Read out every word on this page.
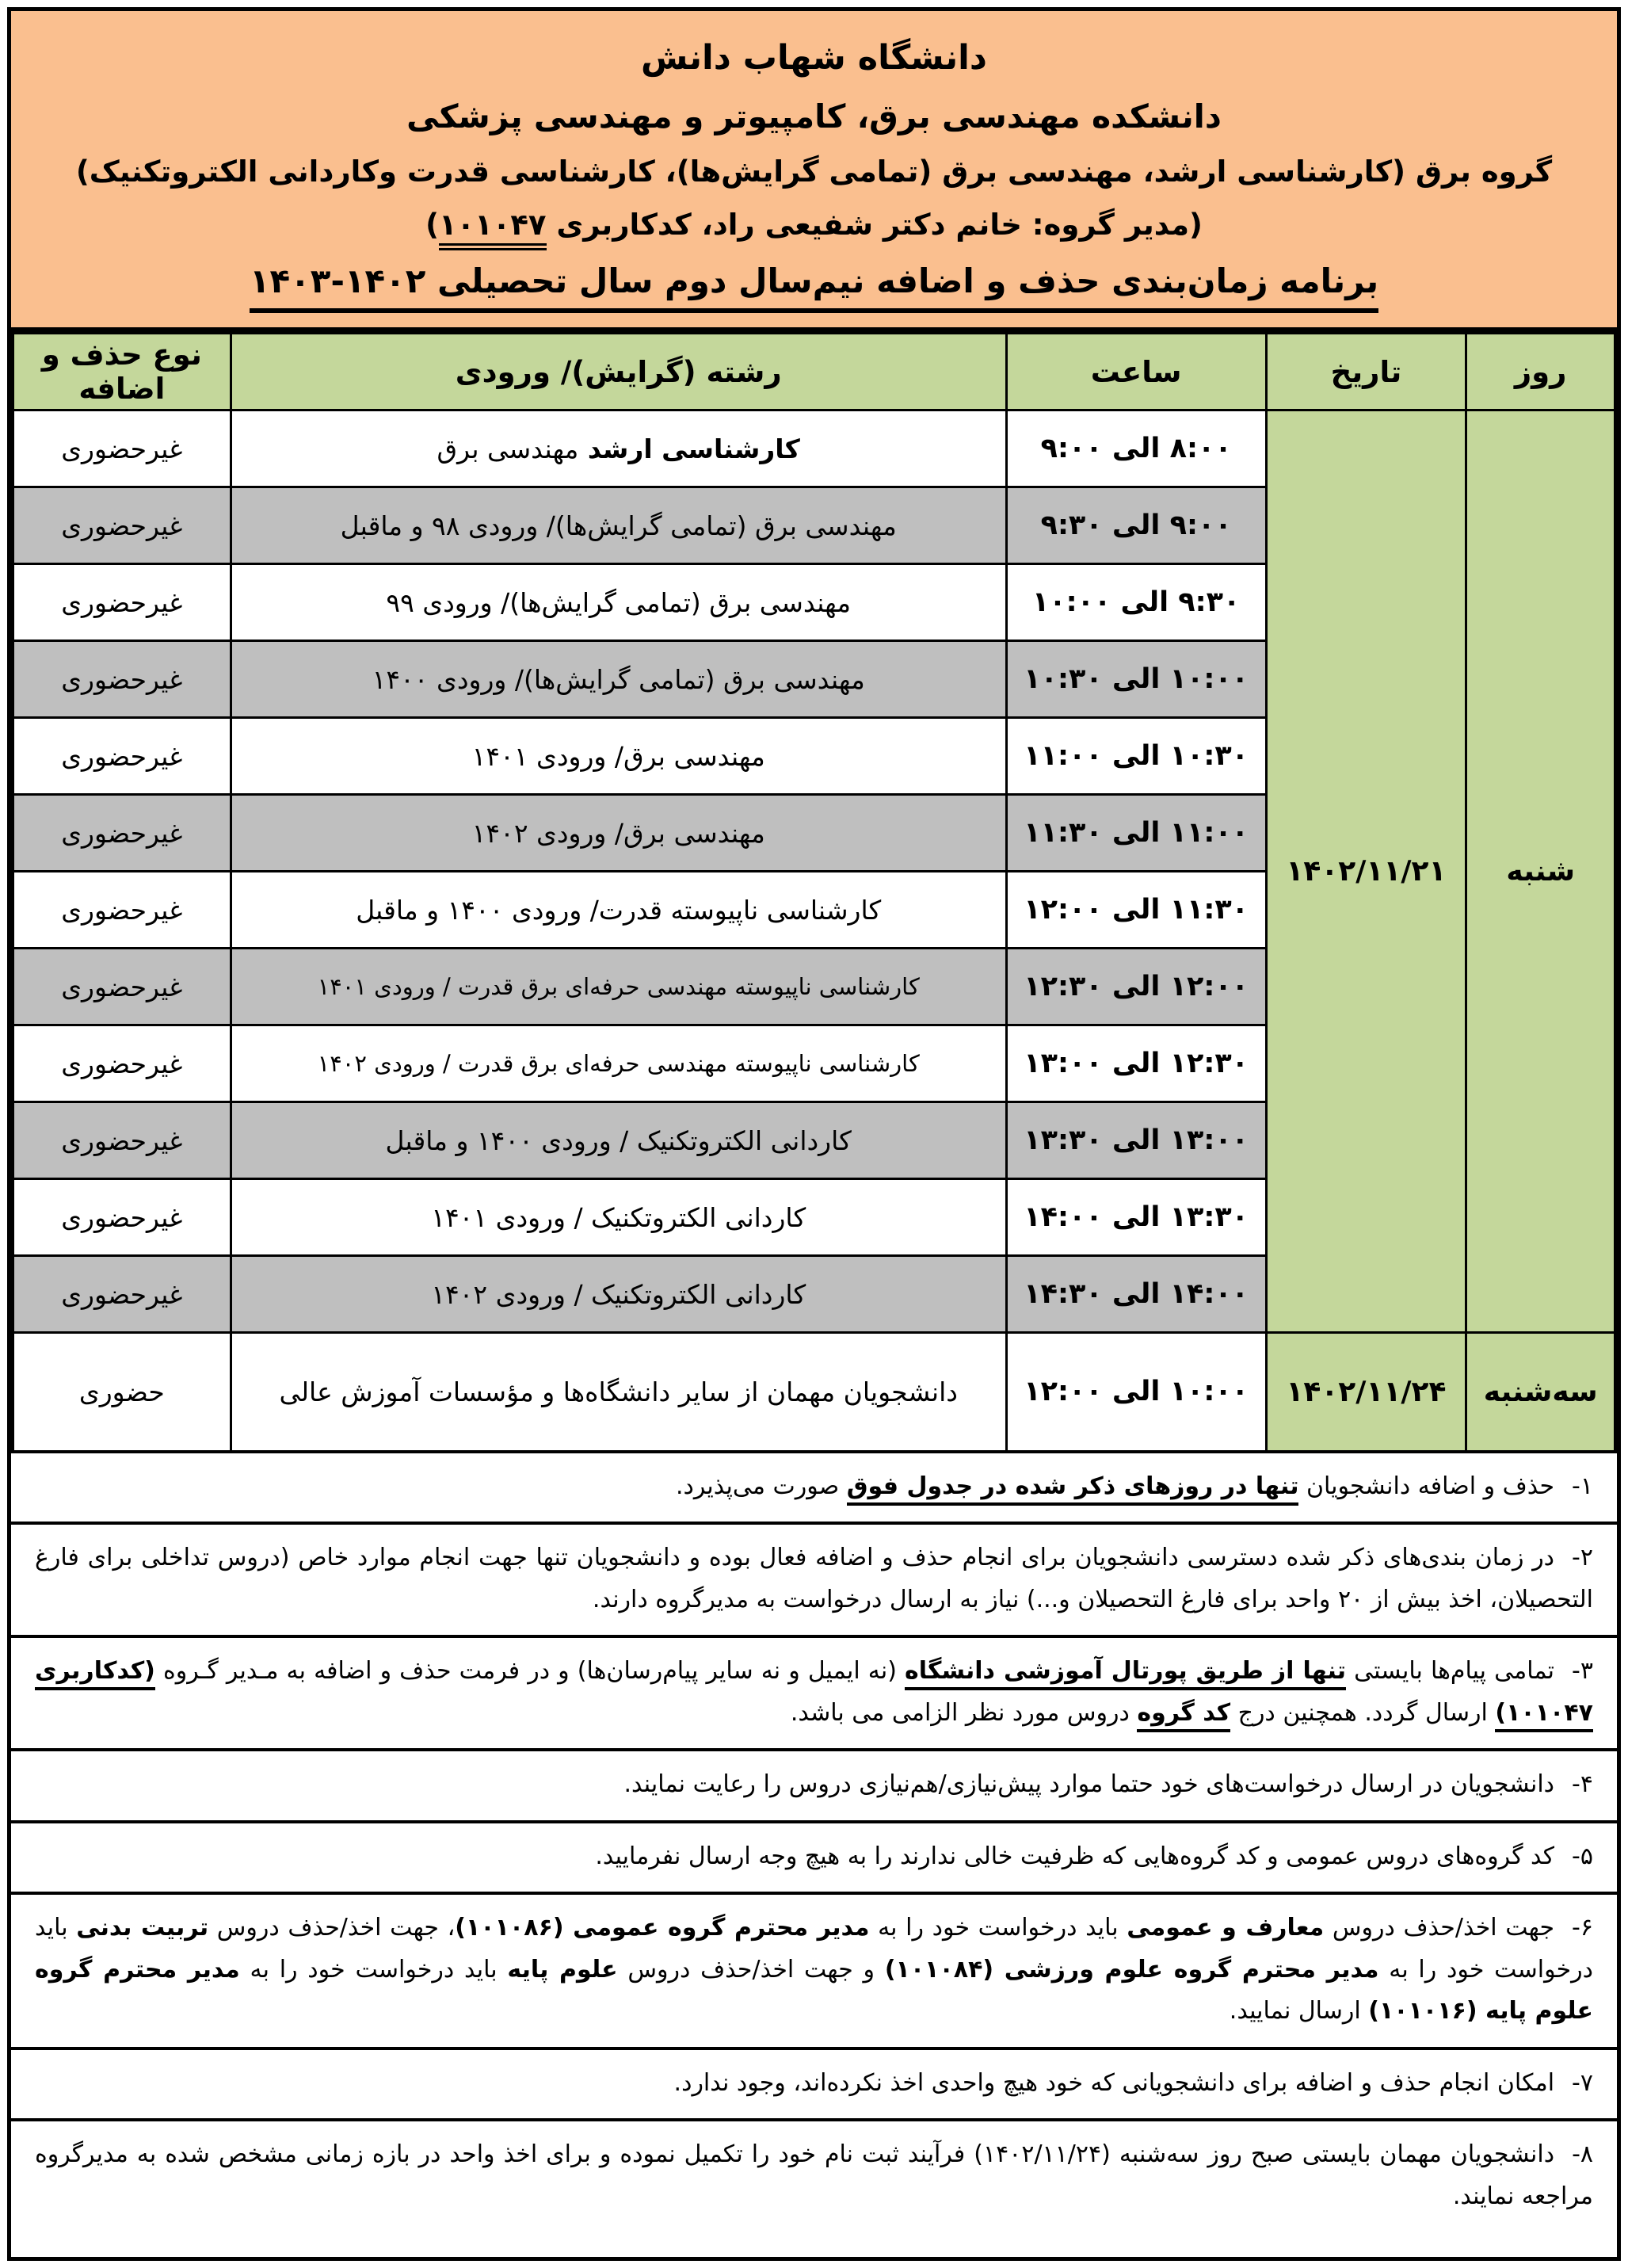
دانشگاه شهاب دانش
دانشکده مهندسی برق، کامپیوتر و مهندسی پزشکی
گروه برق (کارشناسی ارشد، مهندسی برق (تمامی گرایش‌ها)، کارشناسی قدرت وکاردانی الکتروتکنیک)
(مدیر گروه: خانم دکتر شفیعی راد، کدکاربری ۱۰۱۰۴۷)
برنامه زمان‌بندی حذف و اضافه نیم‌سال دوم سال تحصیلی ۱۴۰۲-۱۴۰۳
روز	تاریخ	ساعت	رشته (گرایش)/ ورودی	نوع حذف و اضافه
شنبه	۱۴۰۲/۱۱/۲۱	۸:۰۰ الی ۹:۰۰	کارشناسی ارشد مهندسی برق	غیرحضوری
		۹:۰۰ الی ۹:۳۰	مهندسی برق (تمامی گرایش‌ها)/ ورودی ۹۸ و ماقبل	غیرحضوری
		۹:۳۰ الی ۱۰:۰۰	مهندسی برق (تمامی گرایش‌ها)/ ورودی ۹۹	غیرحضوری
		۱۰:۰۰ الی ۱۰:۳۰	مهندسی برق (تمامی گرایش‌ها)/ ورودی ۱۴۰۰	غیرحضوری
		۱۰:۳۰ الی ۱۱:۰۰	مهندسی برق/ ورودی ۱۴۰۱	غیرحضوری
		۱۱:۰۰ الی ۱۱:۳۰	مهندسی برق/ ورودی ۱۴۰۲	غیرحضوری
		۱۱:۳۰ الی ۱۲:۰۰	کارشناسی ناپیوسته قدرت/ ورودی ۱۴۰۰ و ماقبل	غیرحضوری
		۱۲:۰۰ الی ۱۲:۳۰	کارشناسی ناپیوسته مهندسی حرفه‌ای برق قدرت / ورودی ۱۴۰۱	غیرحضوری
		۱۲:۳۰ الی ۱۳:۰۰	کارشناسی ناپیوسته مهندسی حرفه‌ای برق قدرت / ورودی ۱۴۰۲	غیرحضوری
		۱۳:۰۰ الی ۱۳:۳۰	کاردانی الکتروتکنیک / ورودی ۱۴۰۰ و ماقبل	غیرحضوری
		۱۳:۳۰ الی ۱۴:۰۰	کاردانی الکتروتکنیک / ورودی ۱۴۰۱	غیرحضوری
		۱۴:۰۰ الی ۱۴:۳۰	کاردانی الکتروتکنیک / ورودی ۱۴۰۲	غیرحضوری
سه‌شنبه	۱۴۰۲/۱۱/۲۴	۱۰:۰۰ الی ۱۲:۰۰	دانشجویان مهمان از سایر دانشگاه‌ها و مؤسسات آموزش عالی	حضوری
۱-حذف و اضافه دانشجویان تنها در روزهای ذکر شده در جدول فوق صورت می‌پذیرد.
۲-در زمان بندی‌های ذکر شده دسترسی دانشجویان برای انجام حذف و اضافه فعال بوده و دانشجویان تنها جهت انجام موارد خاص (دروس تداخلی برای فارغ التحصیلان، اخذ بیش از ۲۰ واحد برای فارغ التحصیلان و...) نیاز به ارسال درخواست به مدیرگروه دارند.
۳-تمامی پیام‌ها بایستی تنها از طریق پورتال آموزشی دانشگاه (نه ایمیل و نه سایر پیام‌رسان‌ها) و در فرمت حذف و اضافه به مـدیر گـروه (کدکاربری ۱۰۱۰۴۷) ارسال گردد. همچنین درج کد گروه دروس مورد نظر الزامی می باشد.
۴-دانشجویان در ارسال درخواست‌های خود حتما موارد پیش‌نیازی/هم‌نیازی دروس را رعایت نمایند.
۵-کد گروه‌های دروس عمومی و کد گروه‌هایی که ظرفیت خالی ندارند را به هیچ وجه ارسال نفرمایید.
۶-جهت اخذ/حذف دروس معارف و عمومی باید درخواست خود را به مدیر محترم گروه عمومی (۱۰۱۰۸۶)، جهت اخذ/حذف دروس تربیت بدنی باید درخواست خود را به مدیر محترم گروه علوم ورزشی (۱۰۱۰۸۴) و جهت اخذ/حذف دروس علوم پایه باید درخواست خود را به مدیر محترم گروه علوم پایه (۱۰۱۰۱۶) ارسال نمایید.
۷-امکان انجام حذف و اضافه برای دانشجویانی که خود هیچ واحدی اخذ نکرده‌اند، وجود ندارد.
۸-دانشجویان مهمان بایستی صبح روز سه‌شنبه (۱۴۰۲/۱۱/۲۴) فرآیند ثبت نام خود را تکمیل نموده و برای اخذ واحد در بازه زمانی مشخص شده به مدیرگروه مراجعه نمایند.
